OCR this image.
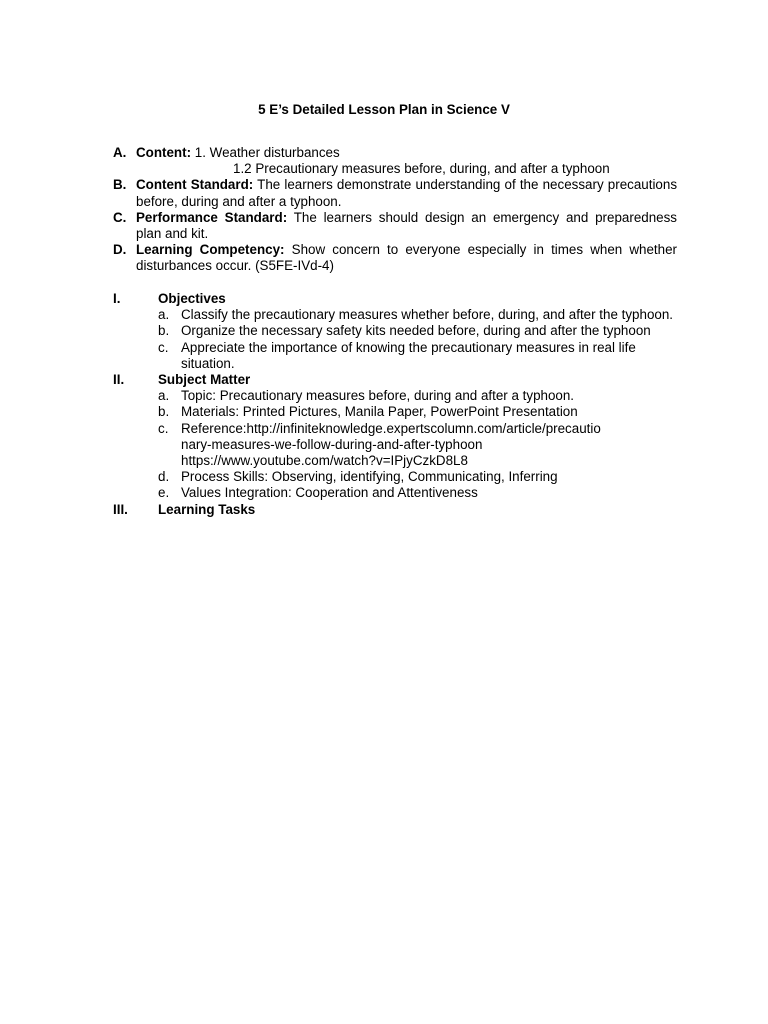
5 E’s Detailed Lesson Plan in Science V
A. Content: 1. Weather disturbances
1.2 Precautionary measures before, during, and after a typhoon
B. Content Standard: The learners demonstrate understanding of the necessary precautions before, during and after a typhoon.
C. Performance Standard: The learners should design an emergency and preparedness plan and kit.
D. Learning Competency: Show concern to everyone especially in times when whether disturbances occur. (S5FE-IVd-4)
I.	Objectives
a. Classify the precautionary measures whether before, during, and after the typhoon.
b. Organize the necessary safety kits needed before, during and after the typhoon
c. Appreciate the importance of knowing the precautionary measures in real life situation.
II.	Subject Matter
a. Topic: Precautionary measures before, during and after a typhoon.
b. Materials: Printed Pictures, Manila Paper, PowerPoint Presentation
c. Reference:http://infiniteknowledge.expertscolumn.com/article/precautio
nary-measures-we-follow-during-and-after-typhoon
https://www.youtube.com/watch?v=IPjyCzkD8L8
d. Process Skills: Observing, identifying, Communicating, Inferring
e. Values Integration: Cooperation and Attentiveness
III. Learning Tasks
